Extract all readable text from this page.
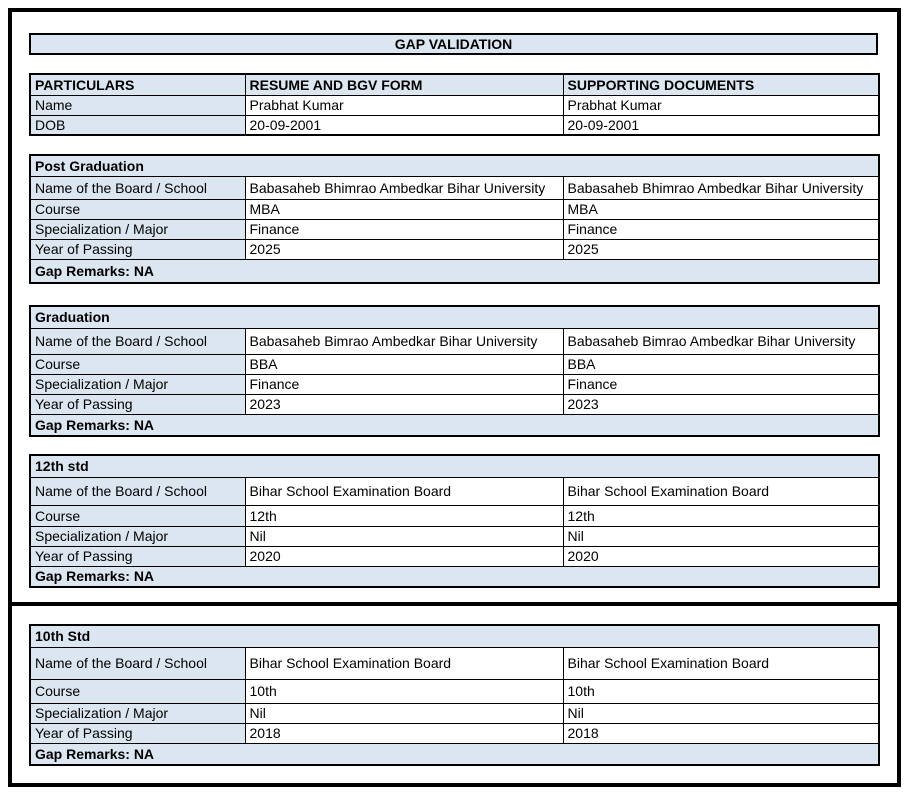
GAP VALIDATION
PARTICULARS	RESUME AND BGV FORM	SUPPORTING DOCUMENTS
Name	Prabhat Kumar	Prabhat Kumar
DOB	20-09-2001	20-09-2001
Post Graduation		
Name of the Board / School	Babasaheb Bhimrao Ambedkar Bihar University	Babasaheb Bhimrao Ambedkar Bihar University
Course	MBA	MBA
Specialization / Major	Finance	Finance
Year of Passing	2025	2025
Gap Remarks: NA		
Graduation		
Name of the Board / School	Babasaheb Bimrao Ambedkar Bihar University	Babasaheb Bimrao Ambedkar Bihar University
Course	BBA	BBA
Specialization / Major	Finance	Finance
Year of Passing	2023	2023
Gap Remarks: NA		
12th std		
Name of the Board / School	Bihar School Examination Board	Bihar School Examination Board
Course	12th	12th
Specialization / Major	Nil	Nil
Year of Passing	2020	2020
Gap Remarks: NA		
10th Std		
Name of the Board / School	Bihar School Examination Board	Bihar School Examination Board
Course	10th	10th
Specialization / Major	Nil	Nil
Year of Passing	2018	2018
Gap Remarks: NA		
